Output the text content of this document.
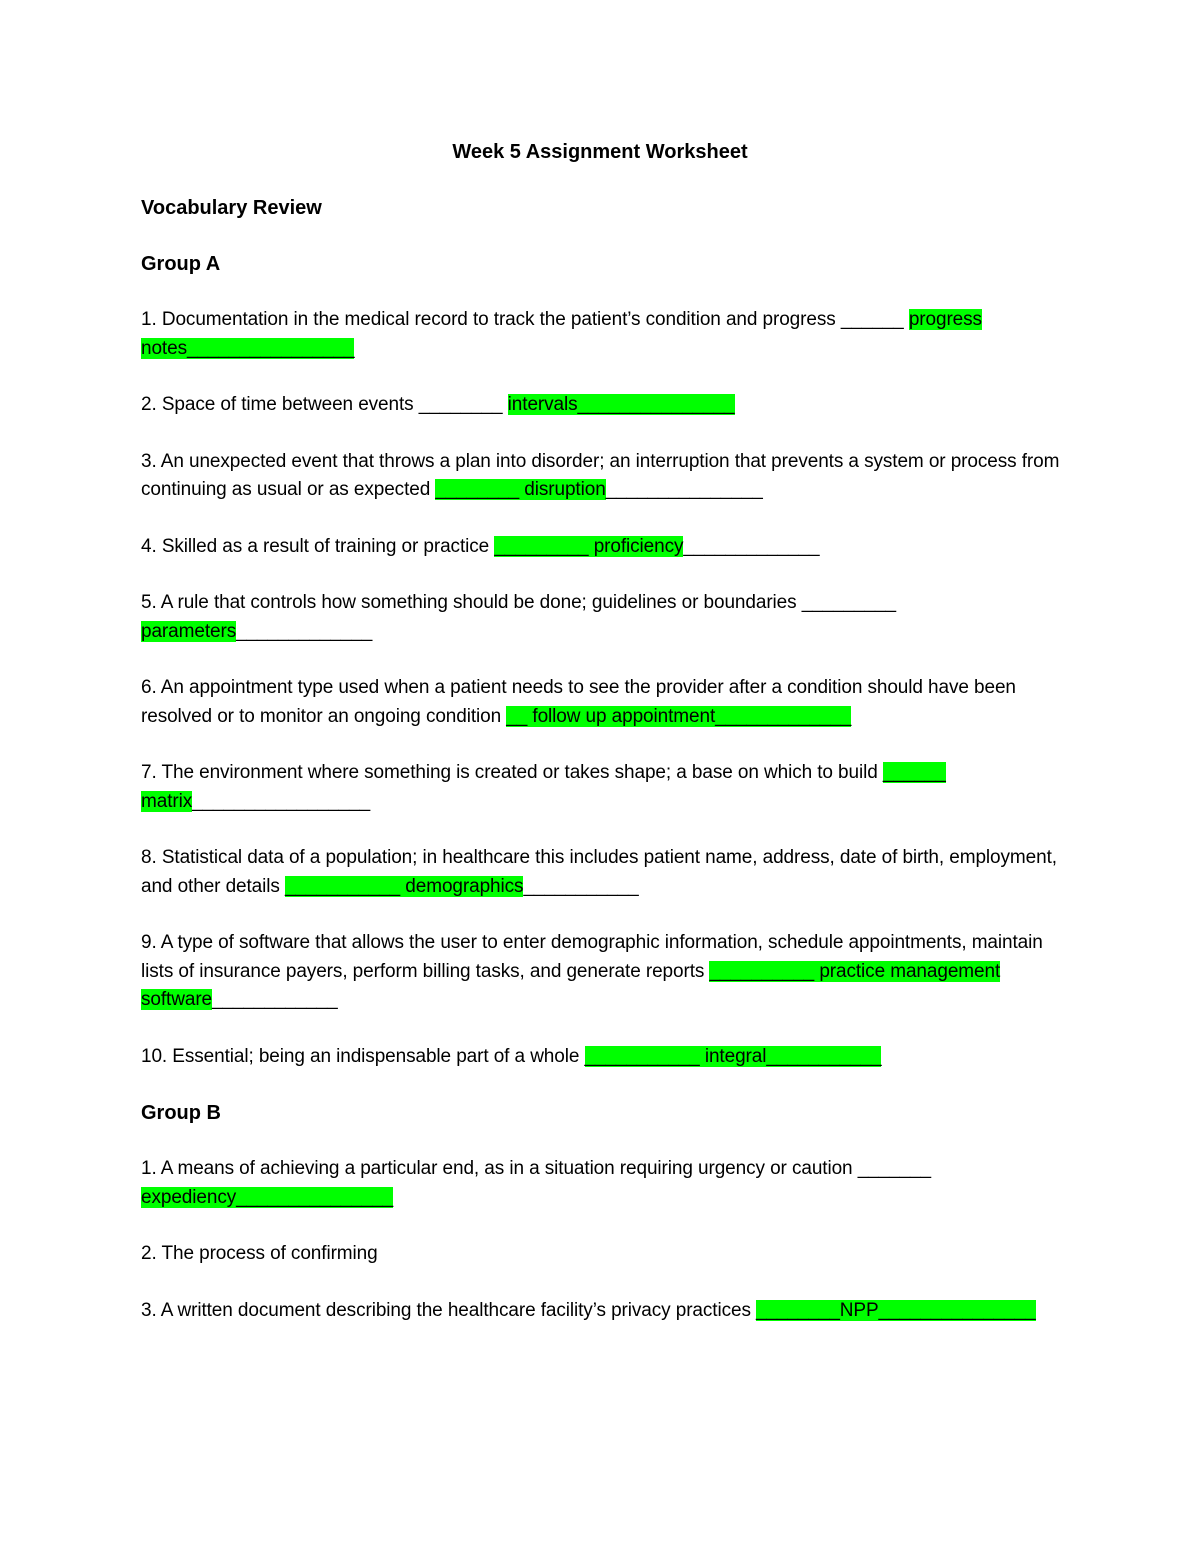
Week 5 Assignment Worksheet
Vocabulary Review
Group A
1. Documentation in the medical record to track the patient’s condition and progress ______ progress notes________________
2. Space of time between events ________ intervals_______________
3. An unexpected event that throws a plan into disorder; an interruption that prevents a system or process from continuing as usual or as expected ________ disruption_______________
4. Skilled as a result of training or practice _________ proficiency_____________
5. A rule that controls how something should be done; guidelines or boundaries _________ parameters_____________
6. An appointment type used when a patient needs to see the provider after a condition should have been resolved or to monitor an ongoing condition __ follow up appointment_____________
7. The environment where something is created or takes shape; a base on which to build ______ matrix_________________
8. Statistical data of a population; in healthcare this includes patient name, address, date of birth, employment, and other details ___________ demographics___________
9. A type of software that allows the user to enter demographic information, schedule appointments, maintain lists of insurance payers, perform billing tasks, and generate reports __________ practice management software____________
10. Essential; being an indispensable part of a whole ___________ integral___________
Group B
1. A means of achieving a particular end, as in a situation requiring urgency or caution _______ expediency_______________
2. The process of confirming
3. A written document describing the healthcare facility’s privacy practices ________NPP_______________
